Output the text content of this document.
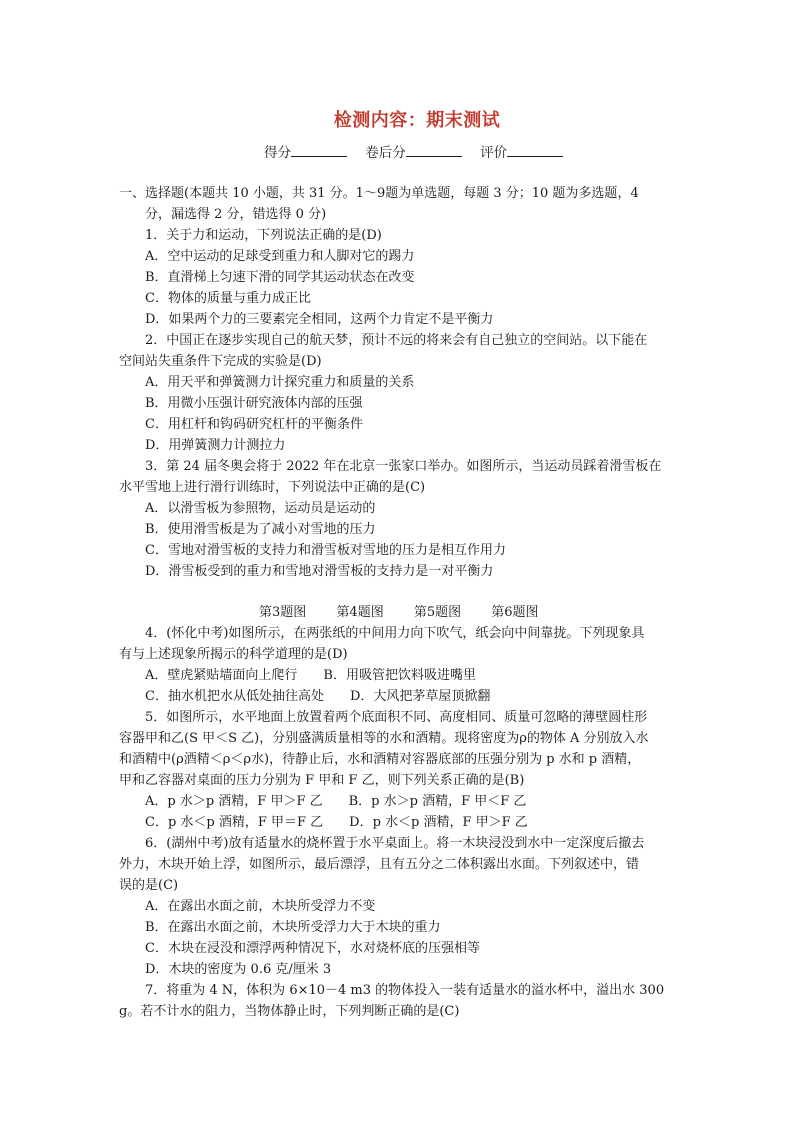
检测内容：期末测试
得分	卷后分	评价
一、选择题(本题共 10 小题，共 31 分。1～9题为单选题，每题 3 分；10 题为多选题，4
分，漏选得 2 分，错选得 0 分)
1．关于力和运动，下列说法正确的是(D)
A．空中运动的足球受到重力和人脚对它的踢力
B．直滑梯上匀速下滑的同学其运动状态在改变
C．物体的质量与重力成正比
D．如果两个力的三要素完全相同，这两个力肯定不是平衡力
2．中国正在逐步实现自己的航天梦，预计不远的将来会有自己独立的空间站。以下能在
空间站失重条件下完成的实验是(D)
A．用天平和弹簧测力计探究重力和质量的关系
B．用微小压强计研究液体内部的压强
C．用杠杆和钩码研究杠杆的平衡条件
D．用弹簧测力计测拉力
3．第 24 届冬奥会将于 2022 年在北京一张家口举办。如图所示，当运动员踩着滑雪板在
水平雪地上进行滑行训练时，下列说法中正确的是(C)
A．以滑雪板为参照物，运动员是运动的
B．使用滑雪板是为了减小对雪地的压力
C．雪地对滑雪板的支持力和滑雪板对雪地的压力是相互作用力
D．滑雪板受到的重力和雪地对滑雪板的支持力是一对平衡力
第3题图 第4题图 第5题图 第6题图
4．(怀化中考)如图所示，在两张纸的中间用力向下吹气，纸会向中间靠拢。下列现象具
有与上述现象所揭示的科学道理的是(D)
A．壁虎紧贴墙面向上爬行　　B．用吸管把饮料吸进嘴里
C．抽水机把水从低处抽往高处　　D．大风把茅草屋顶掀翻
5．如图所示，水平地面上放置着两个底面积不同、高度相同、质量可忽略的薄壁圆柱形
容器甲和乙(S 甲＜S 乙)，分别盛满质量相等的水和酒精。现将密度为ρ的物体 A 分别放入水
和酒精中(ρ酒精＜ρ＜ρ水)，待静止后，水和酒精对容器底部的压强分别为 p 水和 p 酒精，
甲和乙容器对桌面的压力分别为 F 甲和 F 乙，则下列关系正确的是(B)
A．p 水＞p 酒精，F 甲＞F 乙　　B．p 水＞p 酒精，F 甲＜F 乙
C．p 水＜p 酒精，F 甲＝F 乙　　D．p 水＜p 酒精，F 甲＞F 乙
6．(湖州中考)放有适量水的烧杯置于水平桌面上。将一木块浸没到水中一定深度后撤去
外力，木块开始上浮，如图所示，最后漂浮，且有五分之二体积露出水面。下列叙述中，错
误的是(C)
A．在露出水面之前，木块所受浮力不变
B．在露出水面之前，木块所受浮力大于木块的重力
C．木块在浸没和漂浮两种情况下，水对烧杯底的压强相等
D．木块的密度为 0.6 克/厘米 3
7．将重为 4 N，体积为 6×10－4 m3 的物体投入一装有适量水的溢水杯中，溢出水 300
g。若不计水的阻力，当物体静止时，下列判断正确的是(C)
